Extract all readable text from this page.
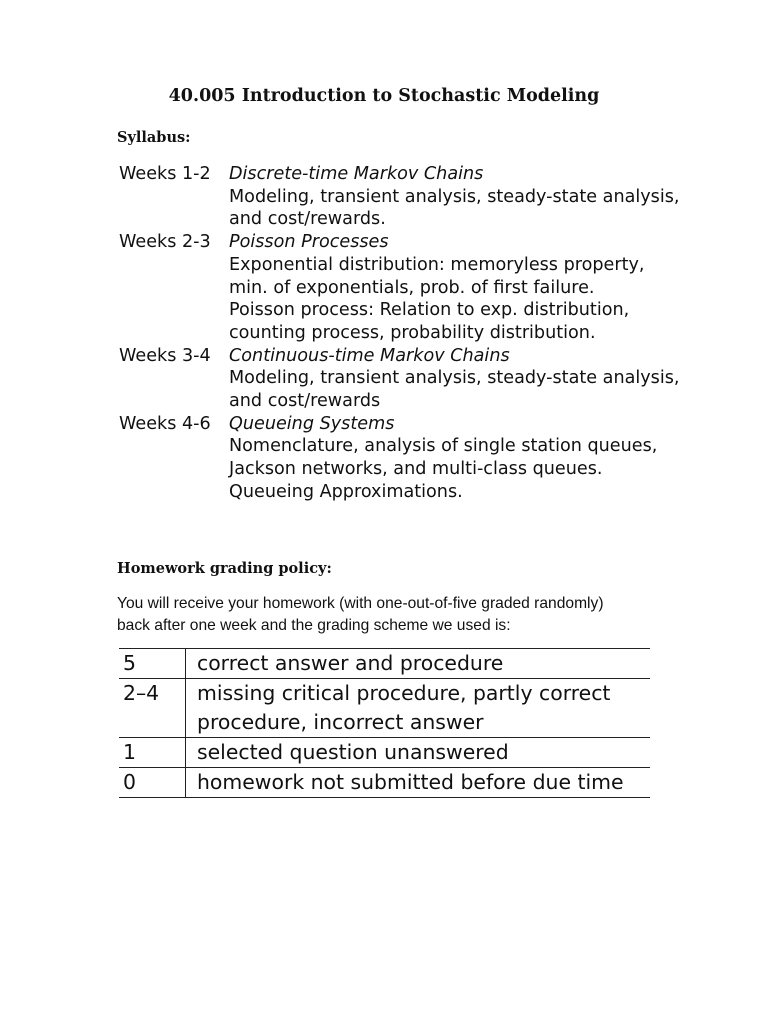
40.005 Introduction to Stochastic Modeling
Syllabus:
Weeks 1-2	Discrete-time Markov Chains
Modeling, transient analysis, steady-state analysis,
and cost/rewards.
Weeks 2-3	Poisson Processes
Exponential distribution: memoryless property,
min. of exponentials, prob. of first failure.
Poisson process: Relation to exp. distribution,
counting process, probability distribution.
Weeks 3-4	Continuous-time Markov Chains
Modeling, transient analysis, steady-state analysis,
and cost/rewards
Weeks 4-6	Queueing Systems
Nomenclature, analysis of single station queues,
Jackson networks, and multi-class queues.
Queueing Approximations.
Homework grading policy:
You will receive your homework (with one-out-of-five graded randomly)
back after one week and the grading scheme we used is:
5	correct answer and procedure

2–4	missing critical procedure, partly correct
procedure, incorrect answer

1	selected question unanswered

0	homework not submitted before due time
